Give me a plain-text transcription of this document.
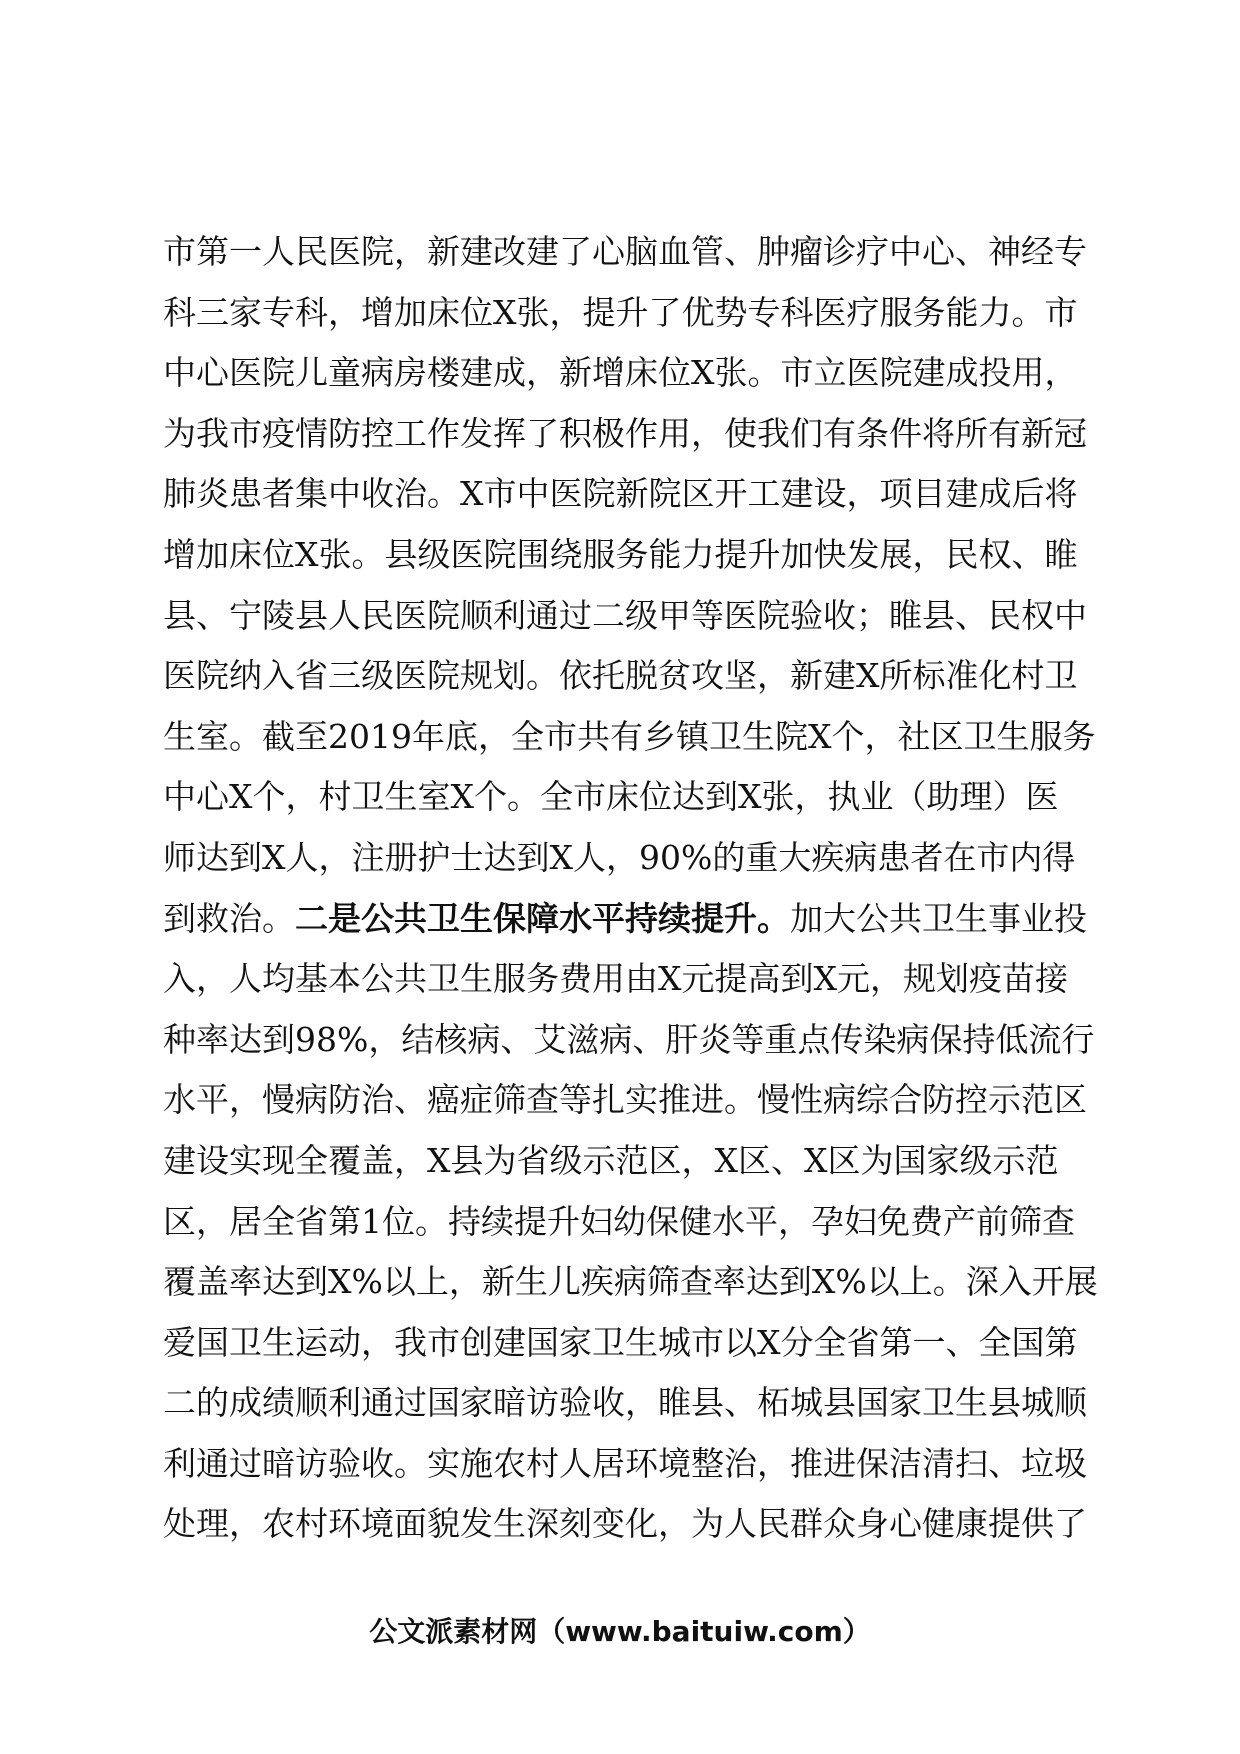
市第一人民医院，新建改建了心脑血管、肿瘤诊疗中心、神经专
科三家专科，增加床位X张，提升了优势专科医疗服务能力。市
中心医院儿童病房楼建成，新增床位X张。市立医院建成投用，
为我市疫情防控工作发挥了积极作用，使我们有条件将所有新冠
肺炎患者集中收治。X市中医院新院区开工建设，项目建成后将
增加床位X张。县级医院围绕服务能力提升加快发展，民权、睢
县、宁陵县人民医院顺利通过二级甲等医院验收；睢县、民权中
医院纳入省三级医院规划。依托脱贫攻坚，新建X所标准化村卫
生室。截至2019年底，全市共有乡镇卫生院X个，社区卫生服务
中心X个，村卫生室X个。全市床位达到X张，执业（助理）医
师达到X人，注册护士达到X人，90%的重大疾病患者在市内得
到救治。二是公共卫生保障水平持续提升。加大公共卫生事业投
入，人均基本公共卫生服务费用由X元提高到X元，规划疫苗接
种率达到98%，结核病、艾滋病、肝炎等重点传染病保持低流行
水平，慢病防治、癌症筛查等扎实推进。慢性病综合防控示范区
建设实现全覆盖，X县为省级示范区，X区、X区为国家级示范
区，居全省第1位。持续提升妇幼保健水平，孕妇免费产前筛查
覆盖率达到X%以上，新生儿疾病筛查率达到X%以上。深入开展
爱国卫生运动，我市创建国家卫生城市以X分全省第一、全国第
二的成绩顺利通过国家暗访验收，睢县、柘城县国家卫生县城顺
利通过暗访验收。实施农村人居环境整治，推进保洁清扫、垃圾
处理，农村环境面貌发生深刻变化，为人民群众身心健康提供了
公文派素材网（www.baituiw.com）
